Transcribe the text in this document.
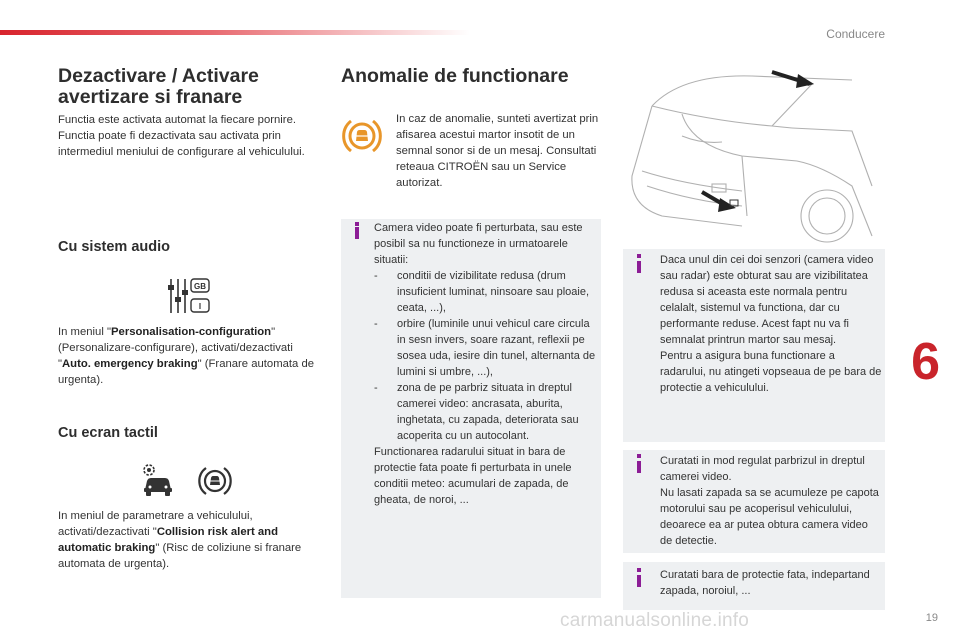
Conducere
6
19
carmanualsonline.info
Dezactivare / Activare avertizare si franare
Functia este activata automat la fiecare pornire. Functia poate fi dezactivata sau activata prin intermediul meniului de configurare al vehiculului.
Cu sistem audio
GB
I
In meniul "Personalisation-configuration" (Personalizare-configurare), activati/dezactivati "Auto. emergency braking" (Franare automata de urgenta).
Cu ecran tactil
In meniul de parametrare a vehiculului, activati/dezactivati "Collision risk alert and automatic braking" (Risc de coliziune si franare automata de urgenta).
Anomalie de functionare
In caz de anomalie, sunteti avertizat prin afisarea acestui martor insotit de un semnal sonor si de un mesaj. Consultati reteaua CITROËN sau un Service autorizat.
Camera video poate fi perturbata, sau este posibil sa nu functioneze in urmatoarele situatii:
- conditii de vizibilitate redusa (drum insuficient luminat, ninsoare sau ploaie, ceata, ...),
- orbire (luminile unui vehicul care circula in sesn invers, soare razant, reflexii pe sosea uda, iesire din tunel, alternanta de lumini si umbre, ...),
- zona de pe parbriz situata in dreptul camerei video: ancrasata, aburita, inghetata, cu zapada, deteriorata sau acoperita cu un autocolant.
Functionarea radarului situat in bara de protectie fata poate fi perturbata in unele conditii meteo: acumulari de zapada, de gheata, de noroi, ...
Daca unul din cei doi senzori (camera video sau radar) este obturat sau are vizibilitatea redusa si aceasta este normala pentru celalalt, sistemul va functiona, dar cu performante reduse. Acest fapt nu va fi semnalat printrun martor sau mesaj.
Pentru a asigura buna functionare a radarului, nu atingeti vopseaua de pe bara de protectie a vehiculului.
Curatati in mod regulat parbrizul in dreptul camerei video.
Nu lasati zapada sa se acumuleze pe capota motorului sau pe acoperisul vehiculului, deoarece ea ar putea obtura camera video de detectie.
Curatati bara de protectie fata, indepartand zapada, noroiul, ...
